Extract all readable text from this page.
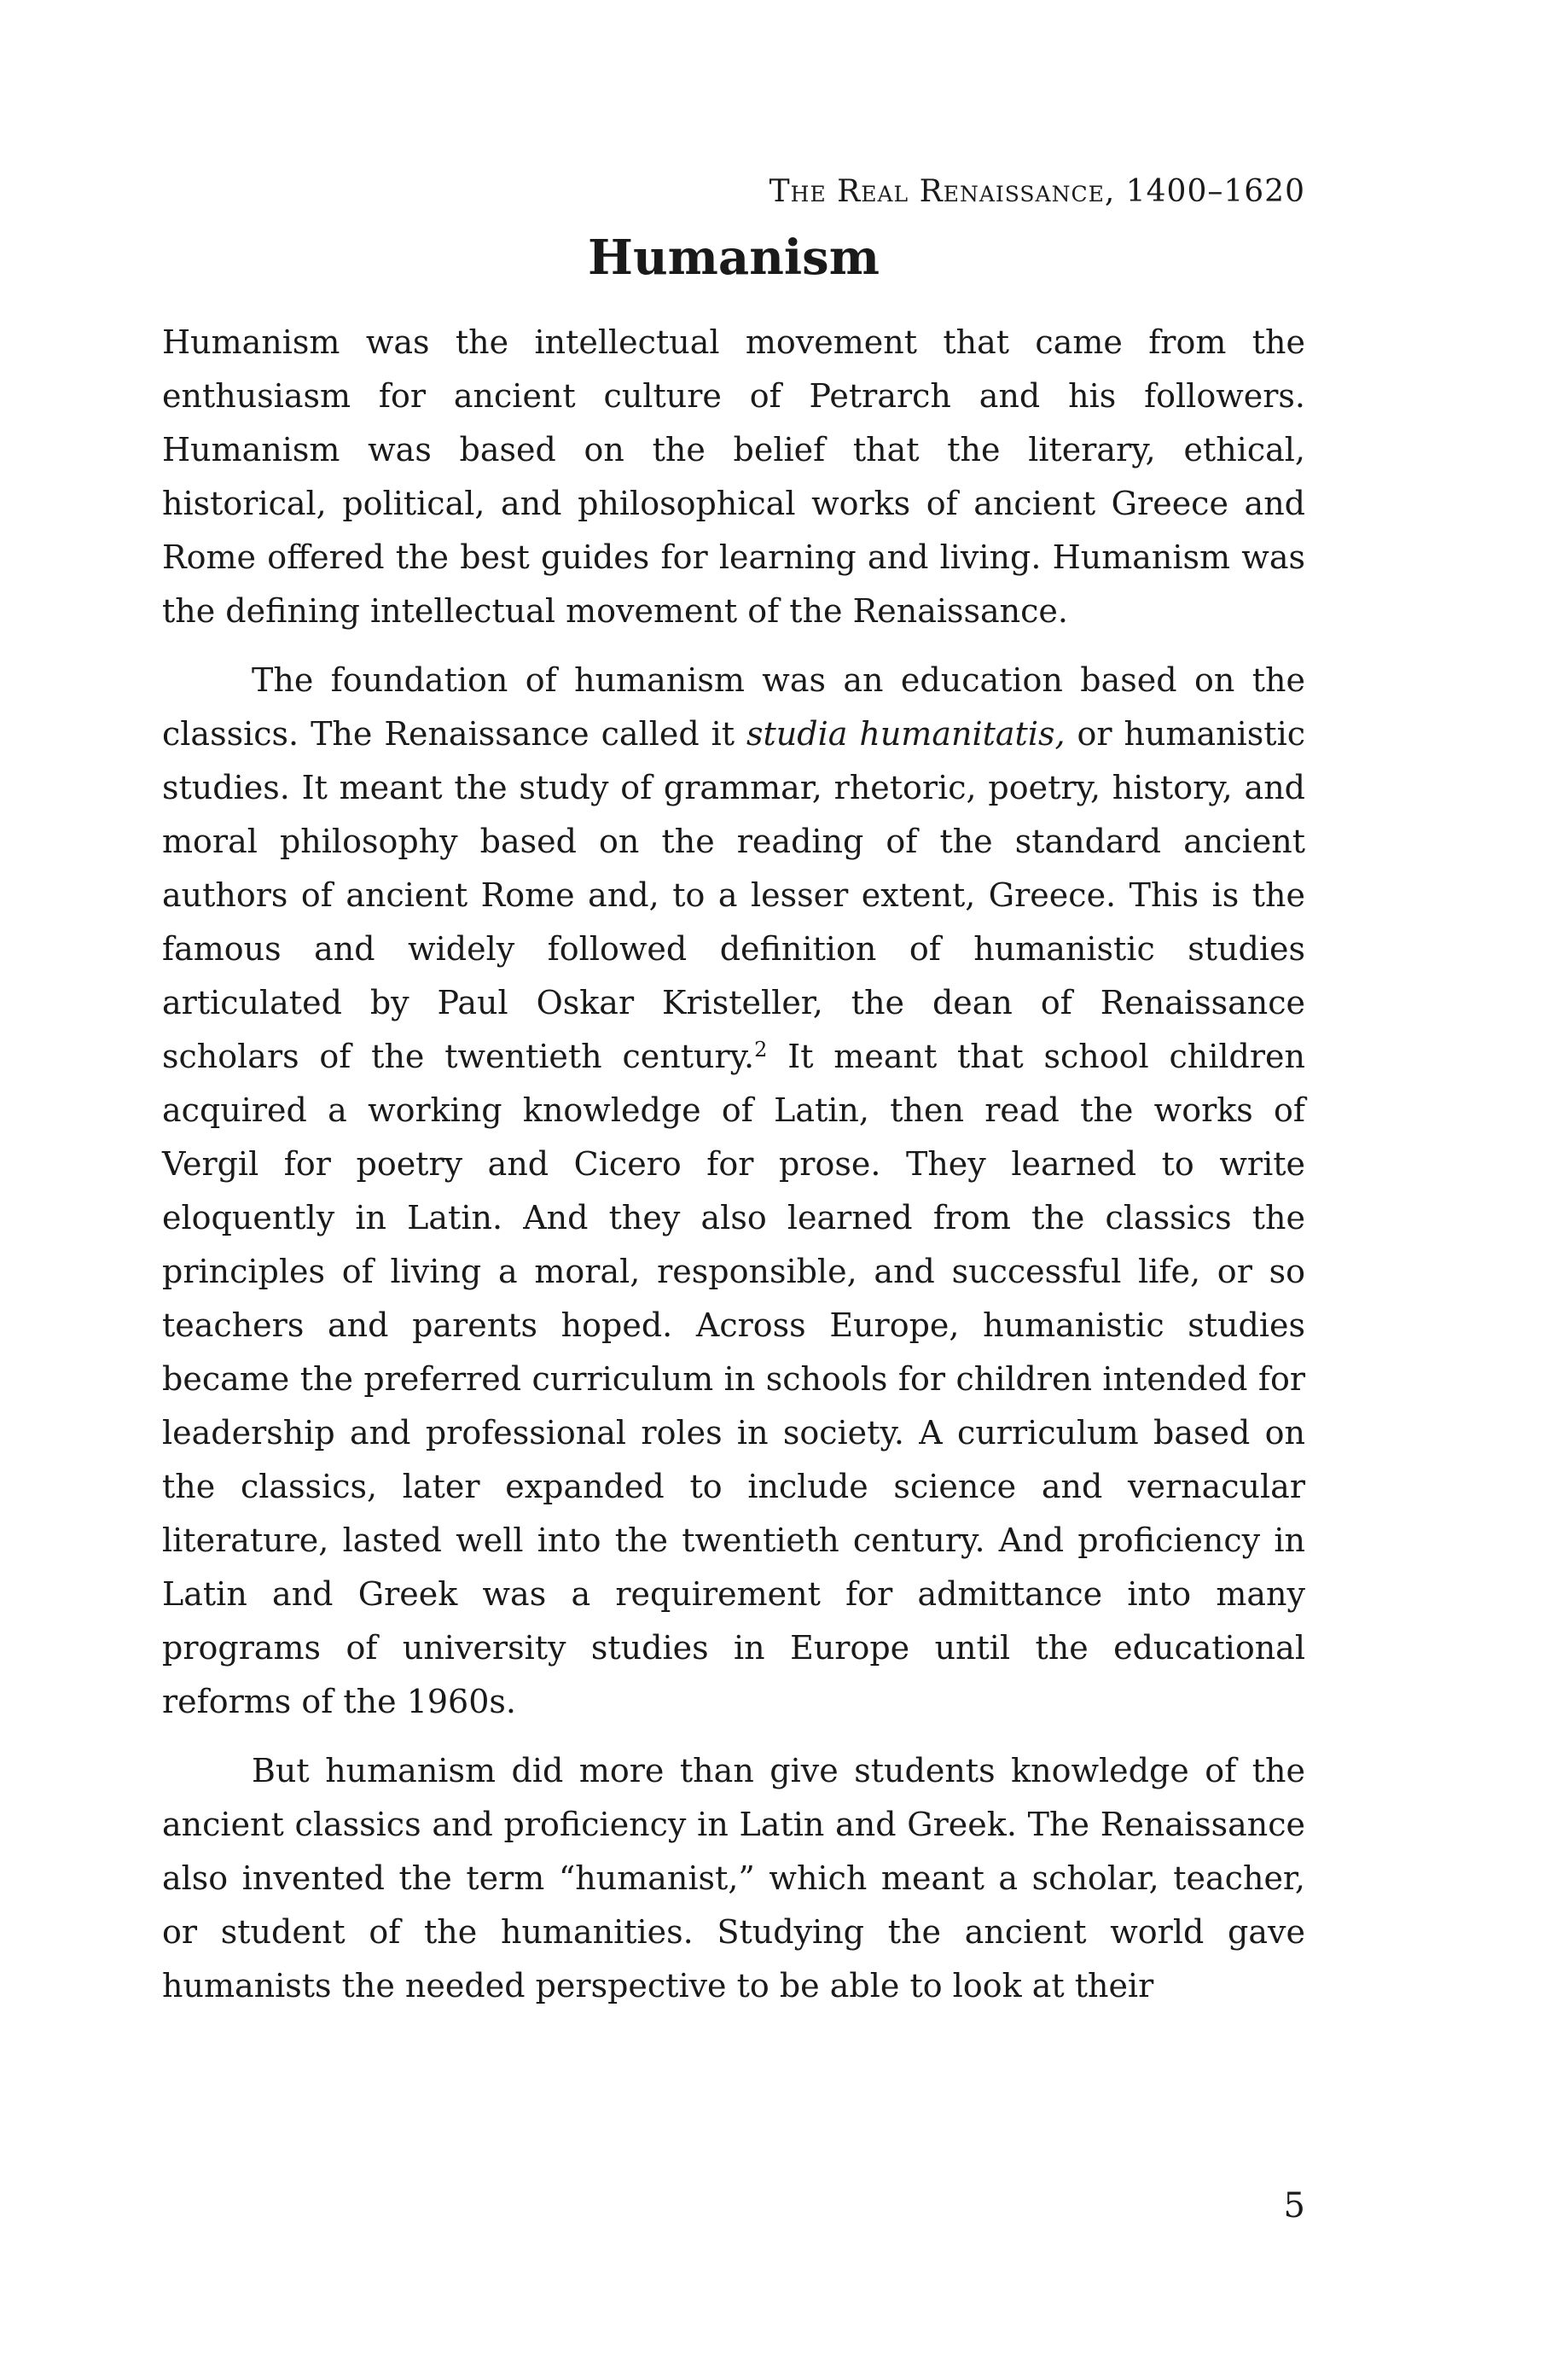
The Real Renaissance, 1400–1620

Humanism

Humanism was the intellectual movement that came from the enthusiasm for ancient culture of Petrarch and his followers. Humanism was based on the belief that the literary, ethical, historical, political, and philosophical works of ancient Greece and Rome offered the best guides for learning and living. Humanism was the defining intellectual movement of the Renaissance.

The foundation of humanism was an education based on the classics. The Renaissance called it studia humanitatis, or humanistic studies. It meant the study of grammar, rhetoric, poetry, history, and moral philosophy based on the reading of the standard ancient authors of ancient Rome and, to a lesser extent, Greece. This is the famous and widely followed definition of humanistic studies articulated by Paul Oskar Kristeller, the dean of Renaissance scholars of the twentieth century.$^2$ It meant that school children acquired a working knowledge of Latin, then read the works of Vergil for poetry and Cicero for prose. They learned to write eloquently in Latin. And they also learned from the classics the principles of living a moral, responsible, and successful life, or so teachers and parents hoped. Across Europe, humanistic studies became the preferred curriculum in schools for children intended for leadership and professional roles in society. A curriculum based on the classics, later expanded to include science and vernacular literature, lasted well into the twentieth century. And proficiency in Latin and Greek was a requirement for admittance into many programs of university studies in Europe until the educational reforms of the 1960s.

But humanism did more than give students knowledge of the ancient classics and proficiency in Latin and Greek. The Renaissance also invented the term “humanist,” which meant a scholar, teacher, or student of the humanities. Studying the ancient world gave humanists the needed perspective to be able to look at their

5
